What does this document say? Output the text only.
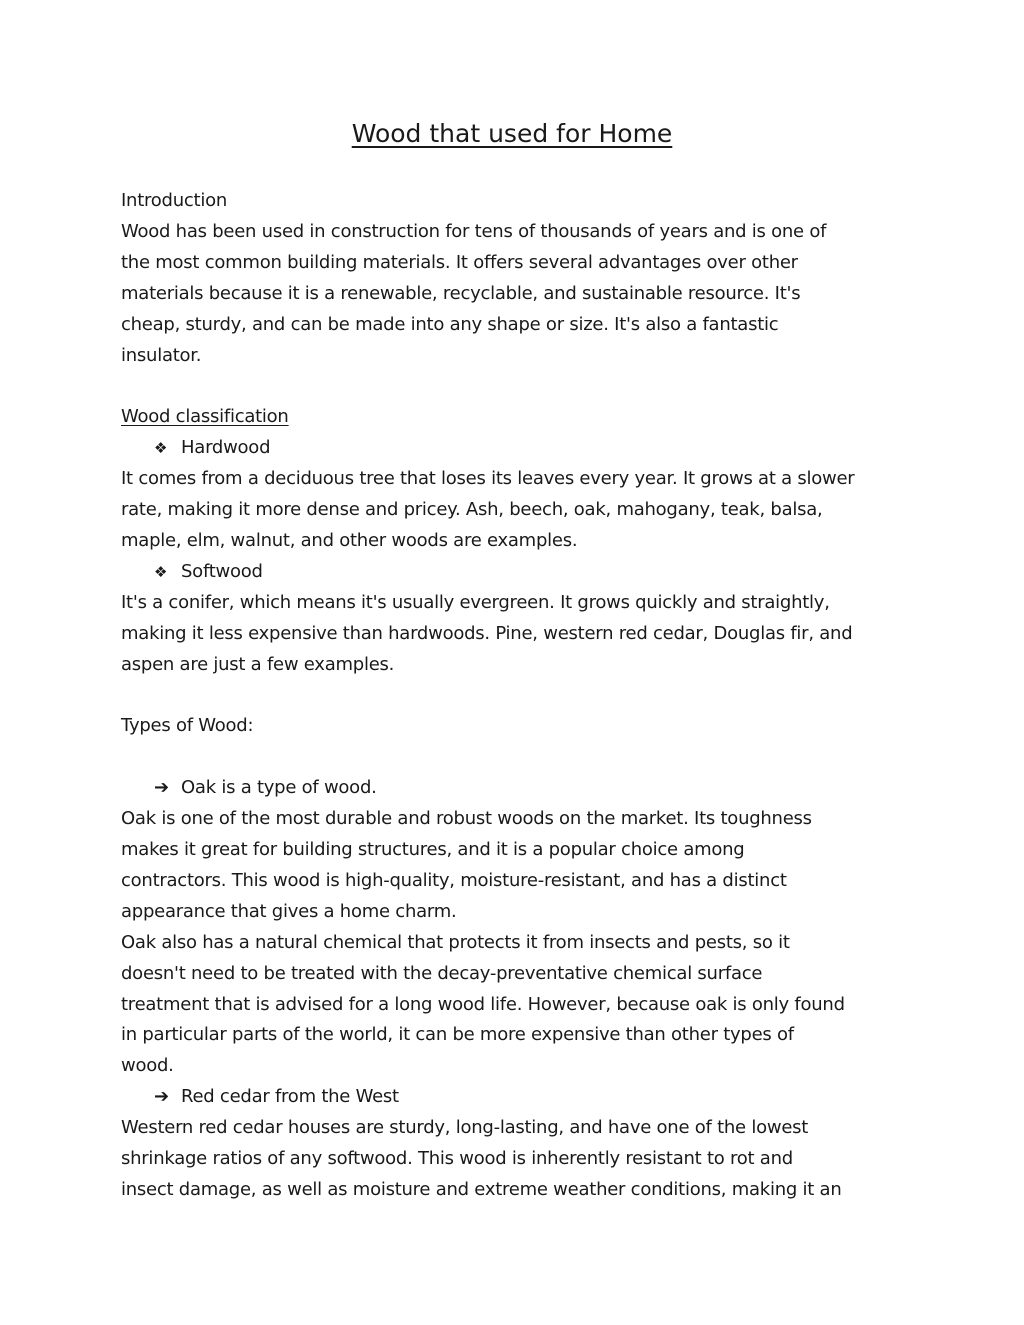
Wood that used for Home

Introduction

Wood has been used in construction for tens of thousands of years and is one of

the most common building materials. It offers several advantages over other

materials because it is a renewable, recyclable, and sustainable resource. It's

cheap, sturdy, and can be made into any shape or size. It's also a fantastic

insulator.

Wood classification

❖ Hardwood

It comes from a deciduous tree that loses its leaves every year. It grows at a slower

rate, making it more dense and pricey. Ash, beech, oak, mahogany, teak, balsa,

maple, elm, walnut, and other woods are examples.

❖ Softwood

It's a conifer, which means it's usually evergreen. It grows quickly and straightly,

making it less expensive than hardwoods. Pine, western red cedar, Douglas fir, and

aspen are just a few examples.

Types of Wood:

➔ Oak is a type of wood.

Oak is one of the most durable and robust woods on the market. Its toughness

makes it great for building structures, and it is a popular choice among

contractors. This wood is high-quality, moisture-resistant, and has a distinct

appearance that gives a home charm.

Oak also has a natural chemical that protects it from insects and pests, so it

doesn't need to be treated with the decay-preventative chemical surface

treatment that is advised for a long wood life. However, because oak is only found

in particular parts of the world, it can be more expensive than other types of

wood.

➔ Red cedar from the West

Western red cedar houses are sturdy, long-lasting, and have one of the lowest

shrinkage ratios of any softwood. This wood is inherently resistant to rot and

insect damage, as well as moisture and extreme weather conditions, making it an
